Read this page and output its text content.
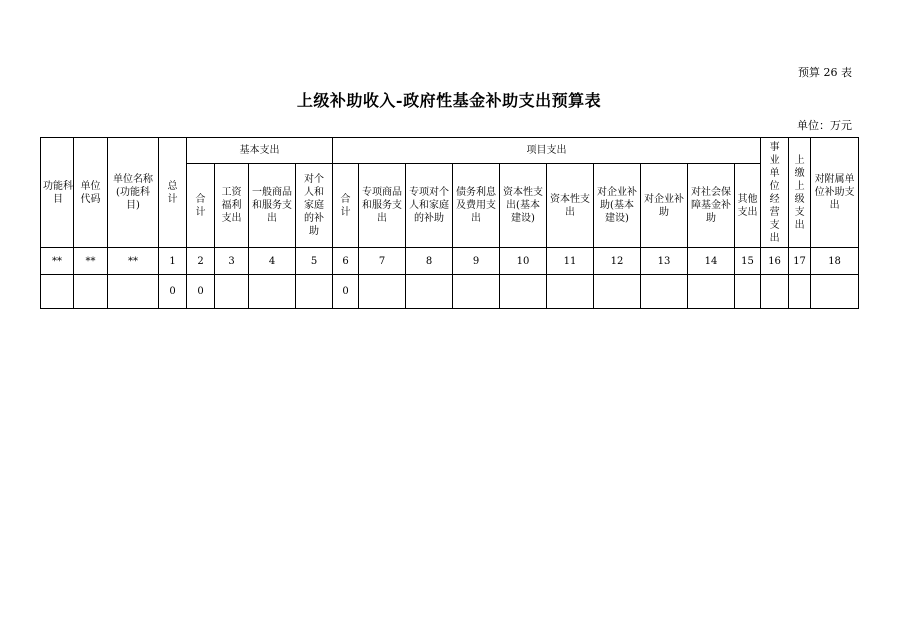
预算 26 表
上级补助收入-政府性基金补助支出预算表
单位：万元
功能科目	单位代码	单位名称(功能科目)	总计	基本支出				项目支出										事业单位经营支出	上缴上级支出	对附属单位补助支出
				合计	工资福利支出	一般商品和服务支出	对个人和家庭的补助	合计	专项商品和服务支出	专项对个人和家庭的补助	债务利息及费用支出	资本性支出(基本建设)	资本性支出	对企业补助(基本建设)	对企业补助	对社会保障基金补助	其他支出			
**	**	**	1	2	3	4	5	6	7	8	9	10	11	12	13	14	15	16	17	18
			0	0				0												
